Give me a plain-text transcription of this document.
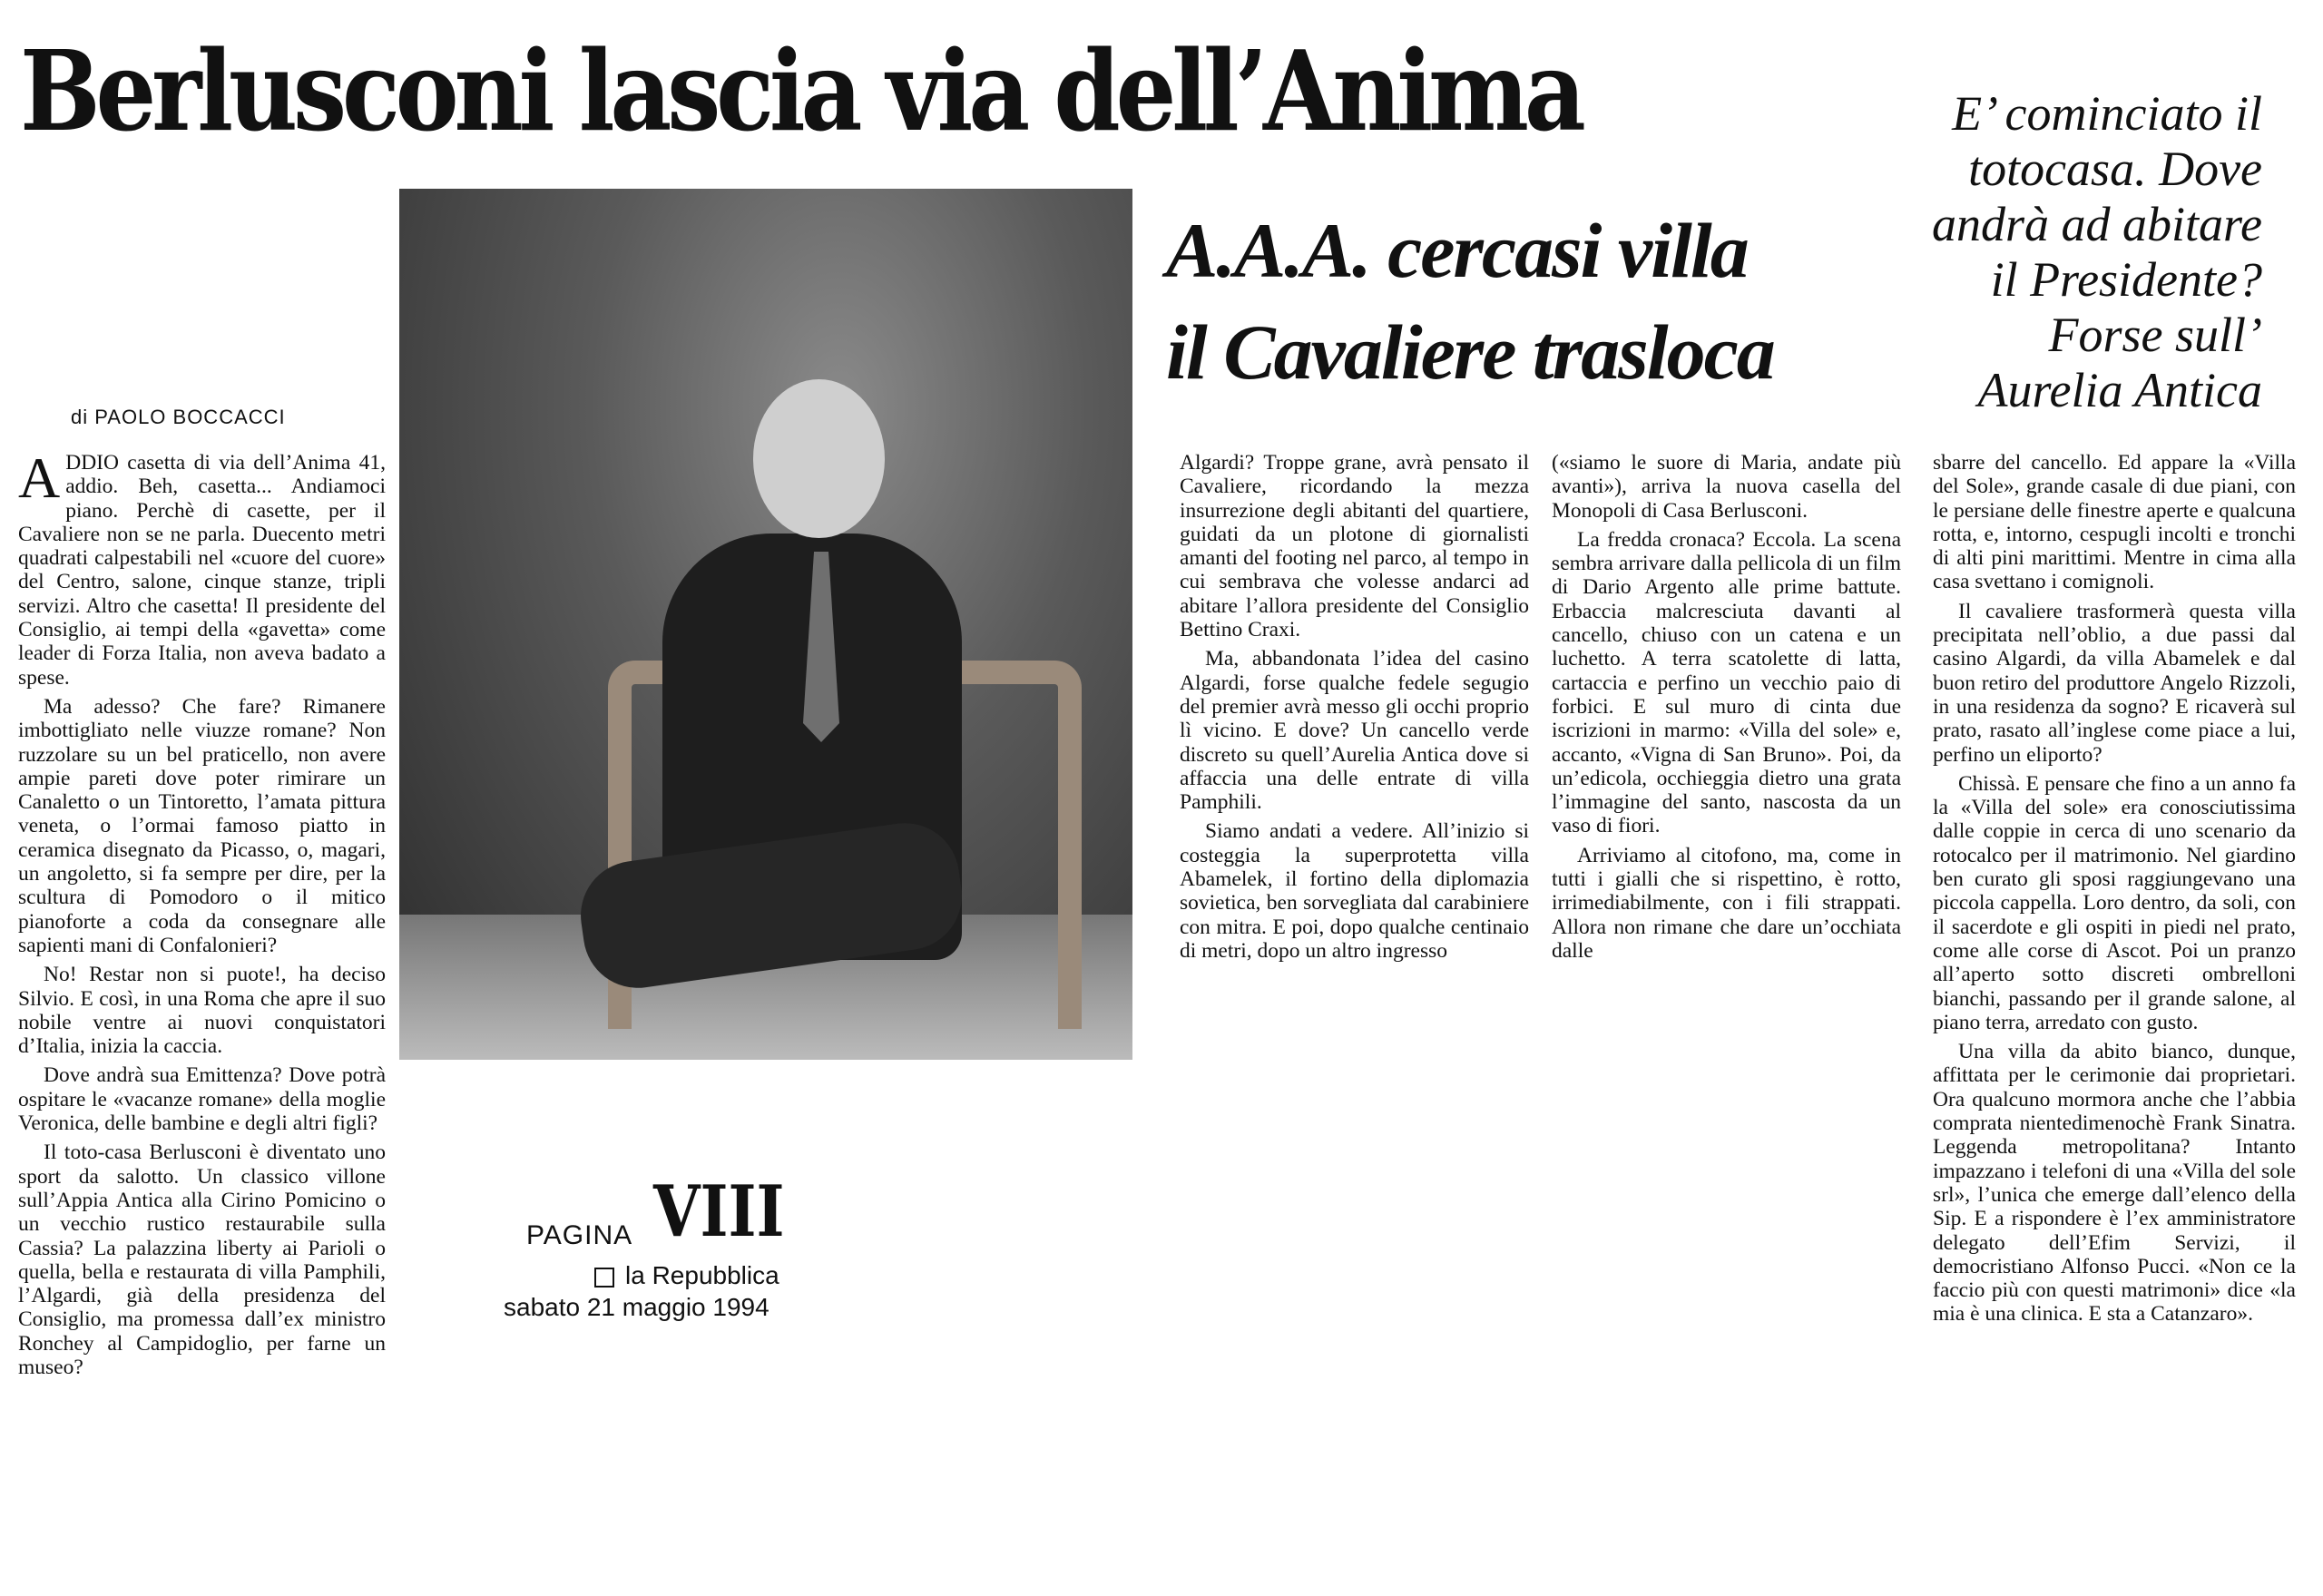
Berlusconi lascia via dell’Anima	E’ cominciato il
totocasa. Dove
andrà ad abitare
il Presidente?
Forse sull’
Aurelia Antica
A.A.A. cercasi villa
il Cavaliere trasloca
di PAOLO BOCCACCI

ADDIO casetta di via dell’Anima 41, addio. Beh, casetta... Andiamoci piano. Perchè di casette, per il Cavaliere non se ne parla. Duecento metri quadrati calpestabili nel «cuore del cuore» del Centro, salone, cinque stanze, tripli servizi. Altro che casetta! Il presidente del Consiglio, ai tempi della «gavetta» come leader di Forza Italia, non aveva badato a spese.

Ma adesso? Che fare? Rimanere imbottigliato nelle viuzze romane? Non ruzzolare su un bel praticello, non avere ampie pareti dove poter rimirare un Canaletto o un Tintoretto, l’amata pittura veneta, o l’ormai famoso piatto in ceramica disegnato da Picasso, o, magari, un angoletto, si fa sempre per dire, per la scultura di Pomodoro o il mitico pianoforte a coda da consegnare alle sapienti mani di Confalonieri?

No! Restar non si puote!, ha deciso Silvio. E così, in una Roma che apre il suo nobile ventre ai nuovi conquistatori d’Italia, inizia la caccia.

Dove andrà sua Emittenza? Dove potrà ospitare le «vacanze romane» della moglie Veronica, delle bambine e degli altri figli?

Il toto-casa Berlusconi è diventato uno sport da salotto. Un classico villone sull’Appia Antica alla Cirino Pomicino o un vecchio rustico restaurabile sulla Cassia? La palazzina liberty ai Parioli o quella, bella e restaurata di villa Pamphili, l’Algardi, già della presidenza del Consiglio, ma promessa dall’ex ministro Ronchey al Campidoglio, per farne un museo?

Algardi? Troppe grane, avrà pensato il Cavaliere, ricordando la mezza insurrezione degli abitanti del quartiere, guidati da un plotone di giornalisti amanti del footing nel parco, al tempo in cui sembrava che volesse andarci ad abitare l’allora presidente del Consiglio Bettino Craxi.

Ma, abbandonata l’idea del casino Algardi, forse qualche fedele segugio del premier avrà messo gli occhi proprio lì vicino. E dove? Un cancello verde discreto su quell’Aurelia Antica dove si affaccia una delle entrate di villa Pamphili.

Siamo andati a vedere. All’inizio si costeggia la superprotetta villa Abamelek, il fortino della diplomazia sovietica, ben sorvegliata dal carabiniere con mitra. E poi, dopo qualche centinaio di metri, dopo un altro ingresso

(«siamo le suore di Maria, andate più avanti»), arriva la nuova casella del Monopoli di Casa Berlusconi.

La fredda cronaca? Eccola. La scena sembra arrivare dalla pellicola di un film di Dario Argento alle prime battute. Erbaccia malcresciuta davanti al cancello, chiuso con un catena e un luchetto. A terra scatolette di latta, cartaccia e perfino un vecchio paio di forbici. E sul muro di cinta due iscrizioni in marmo: «Villa del sole» e, accanto, «Vigna di San Bruno». Poi, da un’edicola, occhieggia dietro una grata l’immagine del santo, nascosta da un vaso di fiori.

Arriviamo al citofono, ma, come in tutti i gialli che si rispettino, è rotto, irrimediabilmente, con i fili strappati. Allora non rimane che dare un’occhiata dalle

sbarre del cancello. Ed appare la «Villa del Sole», grande casale di due piani, con le persiane delle finestre aperte e qualcuna rotta, e, intorno, cespugli incolti e tronchi di alti pini marittimi. Mentre in cima alla casa svettano i comignoli.

Il cavaliere trasformerà questa villa precipitata nell’oblio, a due passi dal casino Algardi, da villa Abamelek e dal buon retiro del produttore Angelo Rizzoli, in una residenza da sogno? E ricaverà sul prato, rasato all’inglese come piace a lui, perfino un eliporto?

Chissà. E pensare che fino a un anno fa la «Villa del sole» era conosciutissima dalle coppie in cerca di uno scenario da rotocalco per il matrimonio. Nel giardino ben curato gli sposi raggiungevano una piccola cappella. Loro dentro, da soli, con il sacerdote e gli ospiti in piedi nel prato, come alle corse di Ascot. Poi un pranzo all’aperto sotto discreti ombrelloni bianchi, passando per il grande salone, al piano terra, arredato con gusto.

Una villa da abito bianco, dunque, affittata per le cerimonie dai proprietari. Ora qualcuno mormora anche che l’abbia comprata nientedimenochè Frank Sinatra. Leggenda metropolitana? Intanto impazzano i telefoni di una «Villa del sole srl», l’unica che emerge dall’elenco della Sip. E a rispondere è l’ex amministratore delegato dell’Efim Servizi, il democristiano Alfonso Pucci. «Non ce la faccio più con questi matrimoni» dice «la mia è una clinica. E sta a Catanzaro».

PAGINA VIII
la Repubblica
sabato 21 maggio 1994
